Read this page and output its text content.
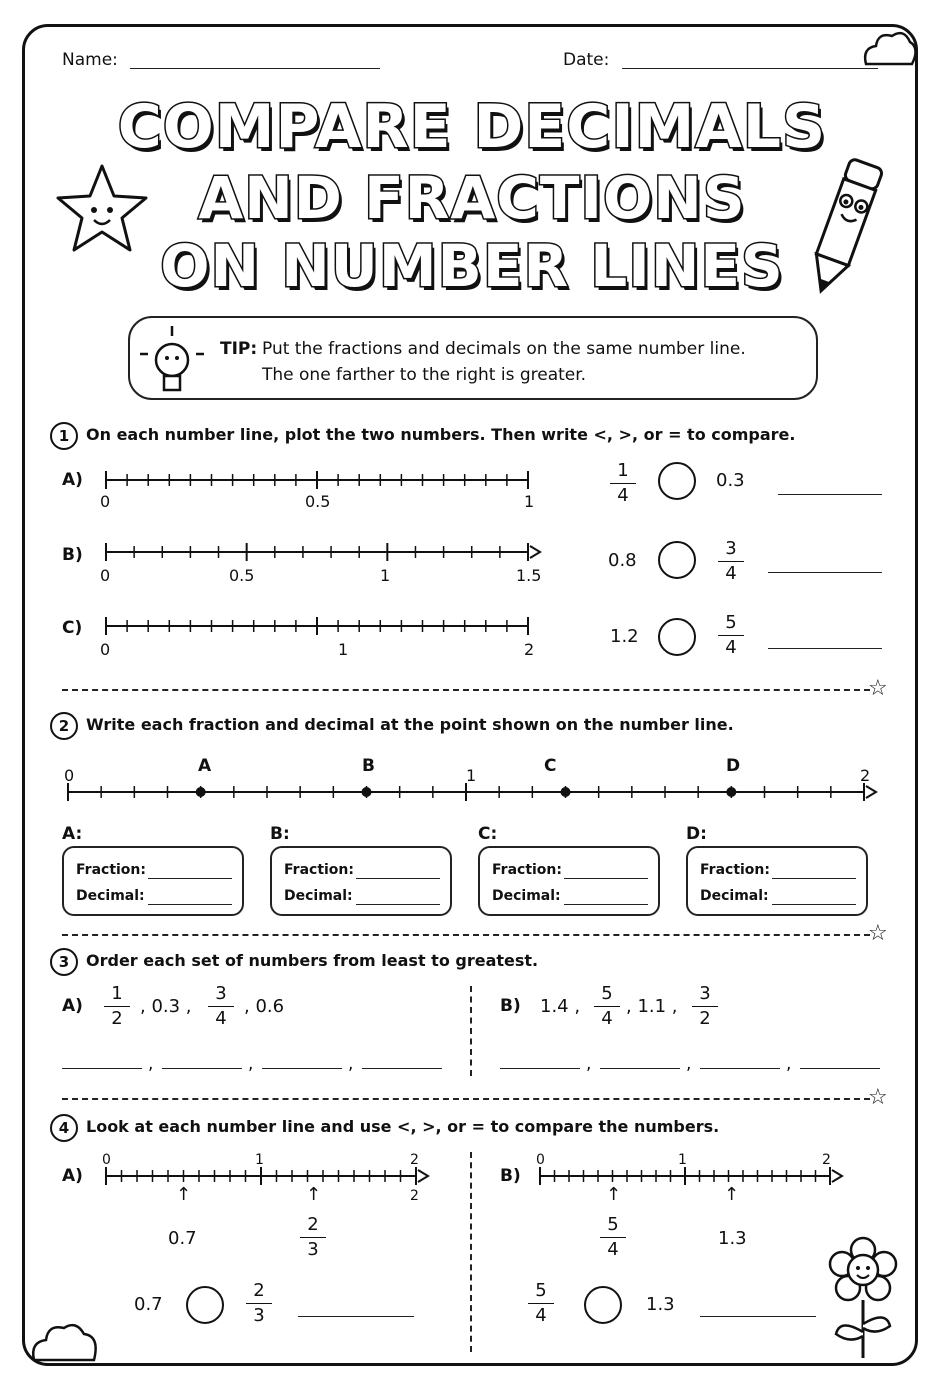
Name:	Date:
COMPARE DECIMALS
AND FRACTIONS
ON NUMBER LINES
TIP: Put the fractions and decimals on the same number line.
The one farther to the right is greater.
1	On each number line, plot the two numbers. Then write <, >, or = to compare.
A)
0	0.5	1
1
4
0.3
B)
0	0.5	1	1.5
0.8
3
4
C)
0	1	2
1.2
5
4
☆
2	Write each fraction and decimal at the point shown on the number line.
0	1	2
A	B	C	D
A:
Fraction:
Decimal:
B:
Fraction:
Decimal:
C:
Fraction:
Decimal:
D:
Fraction:
Decimal:
☆
3	Order each set of numbers from least to greatest.
A)
1
2
, 0.3 ,
3
4
, 0.6
,	,	,
B) 1.4 ,
5
4
, 1.1 ,
3
2
,	,	,
☆
4	Look at each number line and use <, >, or = to compare the numbers.
A)
0	1	2
2
↑	↑
0.7
2
3
0.7
2
3
B)
0	1	2
↑	↑
5
4
1.3
5
4
1.3
